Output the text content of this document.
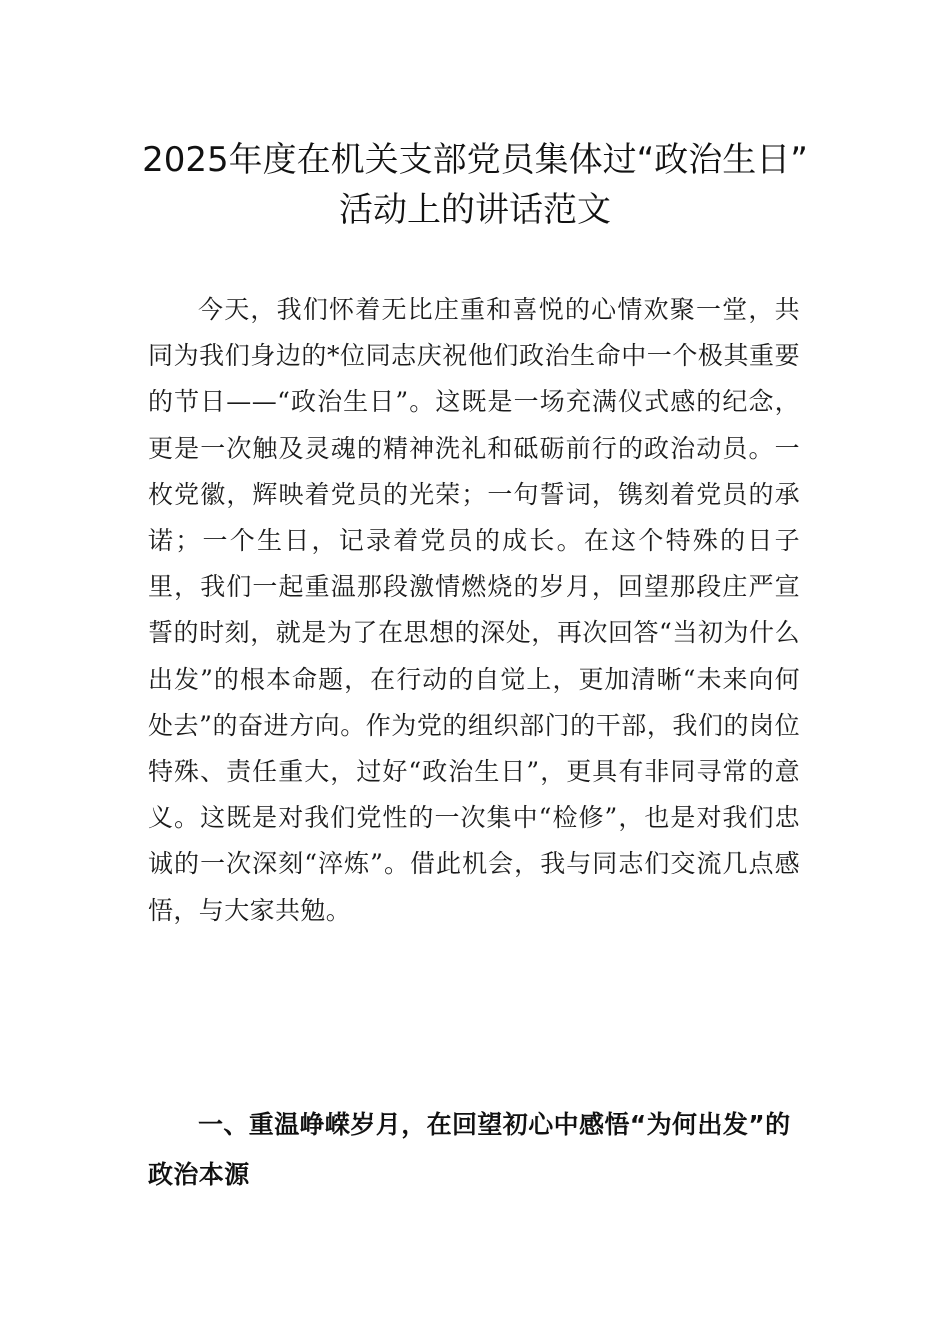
2025年度在机关支部党员集体过“政治生日”
活动上的讲话范文

今天，我们怀着无比庄重和喜悦的心情欢聚一堂，共同为我们身边的*位同志庆祝他们政治生命中一个极其重要的节日——“政治生日”。这既是一场充满仪式感的纪念，更是一次触及灵魂的精神洗礼和砥砺前行的政治动员。一枚党徽，辉映着党员的光荣；一句誓词，镌刻着党员的承诺；一个生日，记录着党员的成长。在这个特殊的日子里，我们一起重温那段激情燃烧的岁月，回望那段庄严宣誓的时刻，就是为了在思想的深处，再次回答“当初为什么出发”的根本命题，在行动的自觉上，更加清晰“未来向何处去”的奋进方向。作为党的组织部门的干部，我们的岗位特殊、责任重大，过好“政治生日”，更具有非同寻常的意义。这既是对我们党性的一次集中“检修”，也是对我们忠诚的一次深刻“淬炼”。借此机会，我与同志们交流几点感悟，与大家共勉。

一、重温峥嵘岁月，在回望初心中感悟“为何出发”的政治本源
